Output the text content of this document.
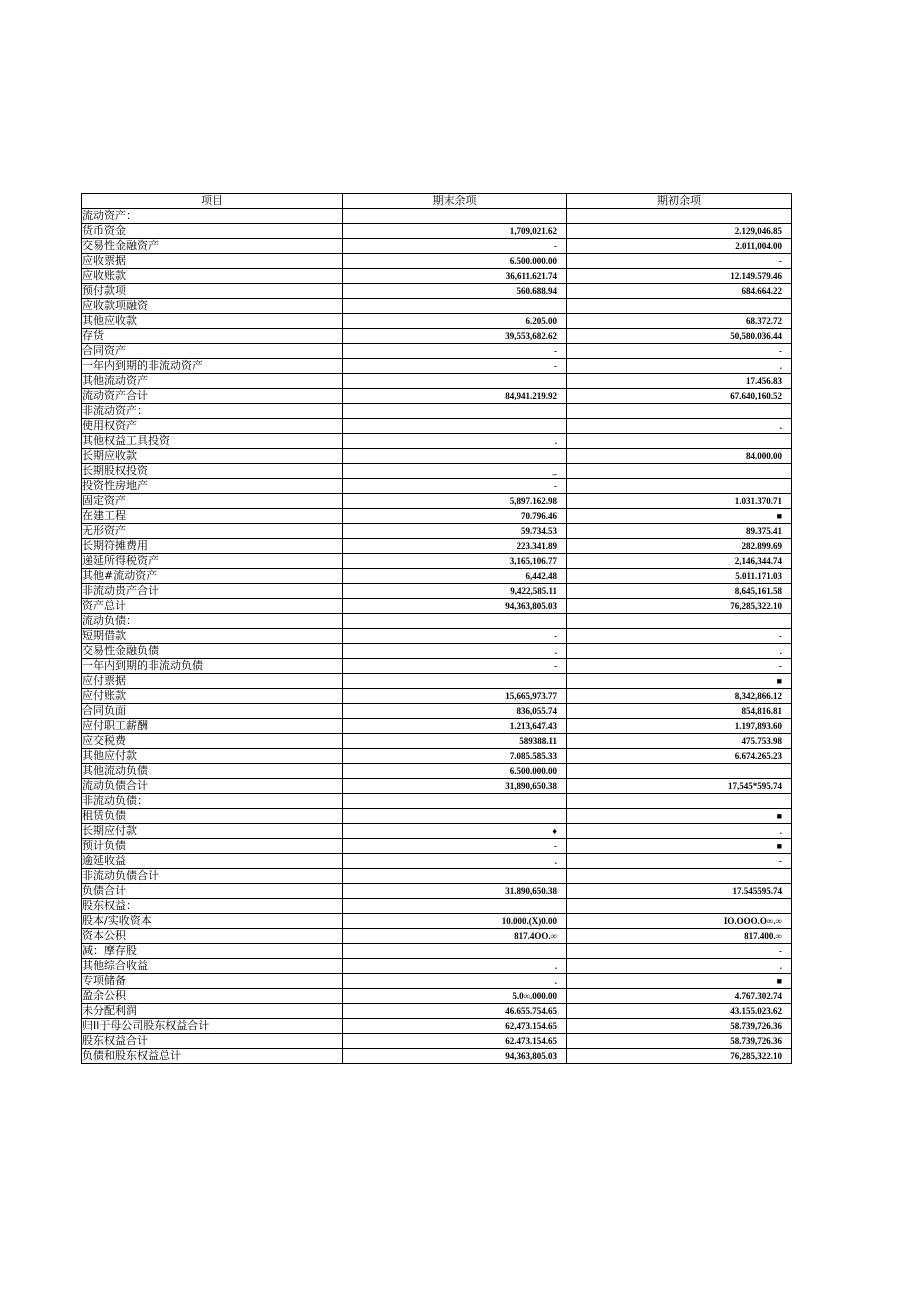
项目	期末余项	期初余项
流动资产：		
货币资金	1,709,021.62	2.129,046.85
交易性金融资产	-	2.011,004.00
应收票据	6.500.000.00	-
应收账款	36,611.621.74	12.149.579.46
预付款项	560.688.94	684.664.22
应收款项融资		
其他应收款	6.205.00	68.372.72
存货	39,553,682.62	50,580.036.44
合同资产	-	-
一年内到期的非流动资产	-	.
其他流动资产		17.456.83
流动资产合计	84,941.219.92	67.640,160.52
非流动资产：		
使用权资产		.
其他权益工具投资	.	
长期应收款		84.000.00
长期股权投资	_	
投资性房地产	-	
固定资产	5,897.162.98	1.031.370.71
在建工程	70.796.46	■
无形资产	59.734.53	89.375.41
长期符摊费用	223.341.89	282.899.69
递延所得税资产	3,165,106.77	2,146,344.74
其他#流动资产	6,442.48	5.011.171.03
非流动贵产合计	9,422,585.11	8,645,161.58
资产总计	94,363,805.03	76,285,322.10
流动负债：		
短期借款	-	-
交易性金融负债	.	.
一年内到期的非流动负债	-	-
应付票据		■
应付账款	15,665,973.77	8,342,866.12
合同负面	836,055.74	854,816.81
应付职工薪酬	1.213,647.43	1.197,893.60
应交税费	589388.11	475.753.98
其他应付款	7.085.585.33	6.674.265.23
其他流动负债	6.500.000.00	
流动负债合计	31,890,650.38	17,545*595.74
非流动负债：		
租赁负债		■
长期应付款	♦	.
预计负债	-	■
逾延收益	.	-
非流动负债合计		
负债合计	31.890,650.38	17.545595.74
股东权益：		
股本/实收资本	10.000.(X)0.00	IO.OOO.O∞.∞
资本公积	817.4OO.∞	817.400.∞
减：摩存股		-
其他综合收益	.	.
专项储备	.	■
盈余公积	5.0∞.000.00	4.767.302.74
未分配利润	46.655.754.65	43.155.023.62
归Il于母公司股东权益合计	62,473.154.65	58.739,726.36
股东权益合计	62.473.154.65	58.739,726.36
负债和股东权益总计	94,363,805.03	76,285,322.10
